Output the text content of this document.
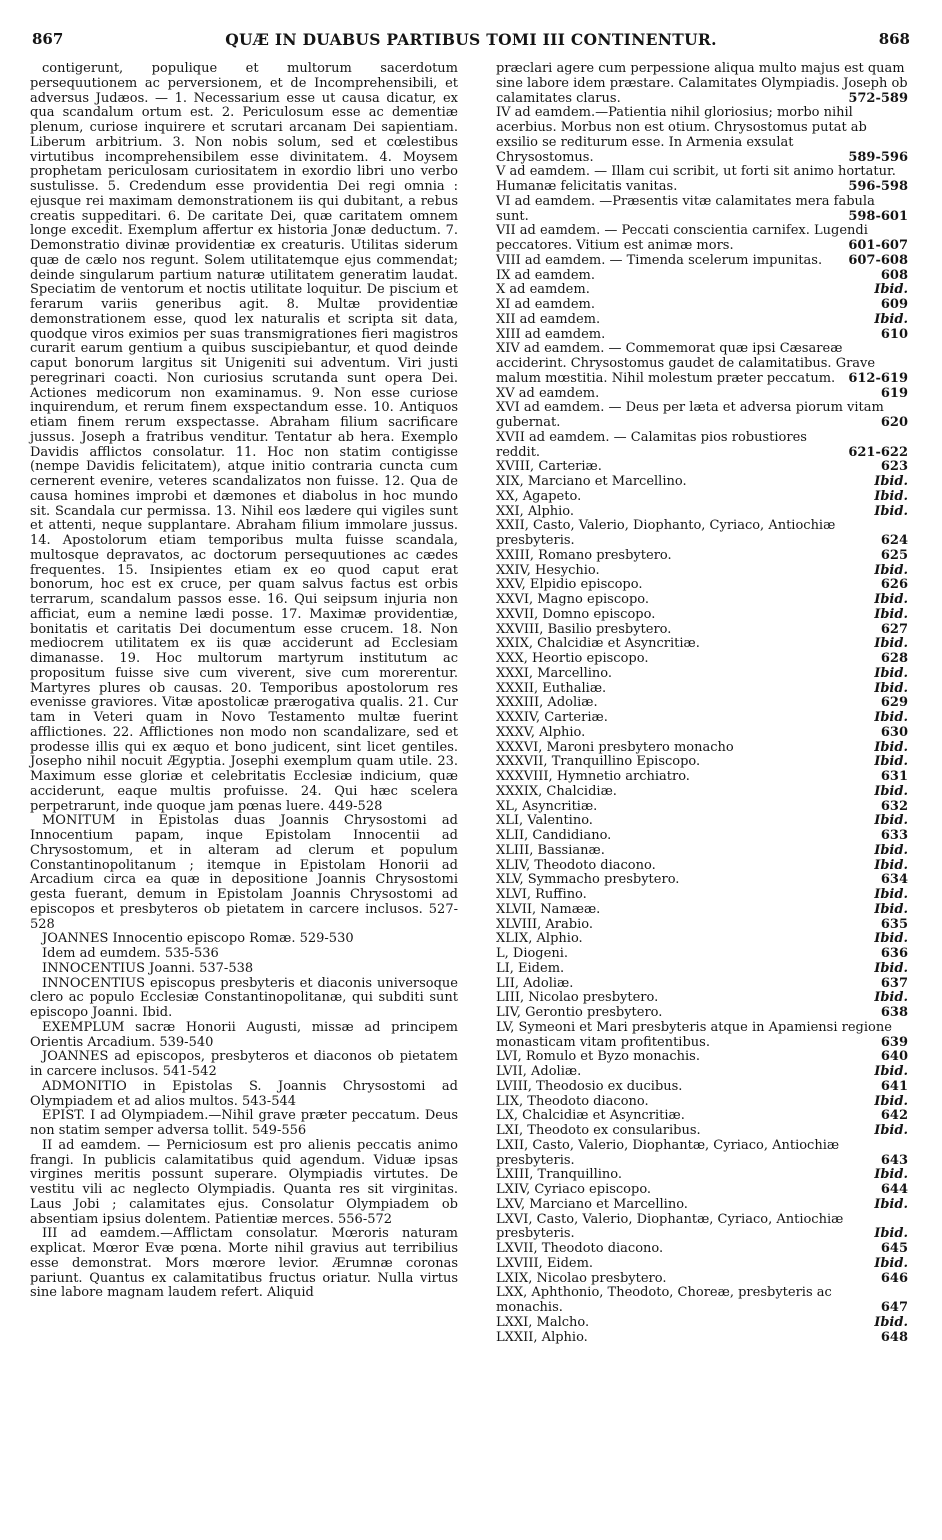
867	QUÆ IN DUABUS PARTIBUS TOMI III CONTINENTUR.	868

contigerunt, populique et multorum sacerdotum persequutionem ac perversionem, et de Incomprehensibili, et adversus Judæos. — 1. Necessarium esse ut causa dicatur, ex qua scandalum ortum est. 2. Periculosum esse ac dementiæ plenum, curiose inquirere et scrutari arcanam Dei sapientiam. Liberum arbitrium. 3. Non nobis solum, sed et cœlestibus virtutibus incomprehensibilem esse divinitatem. 4. Moysem prophetam periculosam curiositatem in exordio libri uno verbo sustulisse. 5. Credendum esse providentia Dei regi omnia : ejusque rei maximam demonstrationem iis qui dubitant, a rebus creatis suppeditari. 6. De caritate Dei, quæ caritatem omnem longe excedit. Exemplum affertur ex historia Jonæ deductum. 7. Demonstratio divinæ providentiæ ex creaturis. Utilitas siderum quæ de cælo nos regunt. Solem utilitatemque ejus commendat; deinde singularum partium naturæ utilitatem generatim laudat. Speciatim de ventorum et noctis utilitate loquitur. De piscium et ferarum variis generibus agit. 8. Multæ providentiæ demonstrationem esse, quod lex naturalis et scripta sit data, quodque viros eximios per suas transmigrationes fieri magistros curarit earum gentium a quibus suscipiebantur, et quod deinde caput bonorum largitus sit Unigeniti sui adventum. Viri justi peregrinari coacti. Non curiosius scrutanda sunt opera Dei. Actiones medicorum non examinamus. 9. Non esse curiose inquirendum, et rerum finem exspectandum esse. 10. Antiquos etiam finem rerum exspectasse. Abraham filium sacrificare jussus. Joseph a fratribus venditur. Tentatur ab hera. Exemplo Davidis afflictos consolatur. 11. Hoc non statim contigisse (nempe Davidis felicitatem), atque initio contraria cuncta cum cernerent evenire, veteres scandalizatos non fuisse. 12. Qua de causa homines improbi et dæmones et diabolus in hoc mundo sit. Scandala cur permissa. 13. Nihil eos lædere qui vigiles sunt et attenti, neque supplantare. Abraham filium immolare jussus. 14. Apostolorum etiam temporibus multa fuisse scandala, multosque depravatos, ac doctorum persequutiones ac cædes frequentes. 15. Insipientes etiam ex eo quod caput erat bonorum, hoc est ex cruce, per quam salvus factus est orbis terrarum, scandalum passos esse. 16. Qui seipsum injuria non afficiat, eum a nemine lædi posse. 17. Maximæ providentiæ, bonitatis et caritatis Dei documentum esse crucem. 18. Non mediocrem utilitatem ex iis quæ acciderunt ad Ecclesiam dimanasse. 19. Hoc multorum martyrum institutum ac propositum fuisse sive cum viverent, sive cum morerentur. Martyres plures ob causas. 20. Temporibus apostolorum res evenisse graviores. Vitæ apostolicæ prærogativa qualis. 21. Cur tam in Veteri quam in Novo Testamento multæ fuerint afflictiones. 22. Afflictiones non modo non scandalizare, sed et prodesse illis qui ex æquo et bono judicent, sint licet gentiles. Josepho nihil nocuit Ægyptia. Josephi exemplum quam utile. 23. Maximum esse gloriæ et celebritatis Ecclesiæ indicium, quæ acciderunt, eaque multis profuisse. 24. Qui hæc scelera perpetrarunt, inde quoque jam pœnas luere. 449-528

MONITUM in Epistolas duas Joannis Chrysostomi ad Innocentium papam, inque Epistolam Innocentii ad Chrysostomum, et in alteram ad clerum et populum Constantinopolitanum ; itemque in Epistolam Honorii ad Arcadium circa ea quæ in depositione Joannis Chrysostomi gesta fuerant, demum in Epistolam Joannis Chrysostomi ad episcopos et presbyteros ob pietatem in carcere inclusos. 527-528

JOANNES Innocentio episcopo Romæ. 529-530

Idem ad eumdem. 535-536

INNOCENTIUS Joanni. 537-538

INNOCENTIUS episcopus presbyteris et diaconis universoque clero ac populo Ecclesiæ Constantinopolitanæ, qui subditi sunt episcopo Joanni. Ibid.

EXEMPLUM sacræ Honorii Augusti, missæ ad principem Orientis Arcadium. 539-540

JOANNES ad episcopos, presbyteros et diaconos ob pietatem in carcere inclusos. 541-542

ADMONITIO in Epistolas S. Joannis Chrysostomi ad Olympiadem et ad alios multos. 543-544

EPIST. I ad Olympiadem.—Nihil grave præter peccatum. Deus non statim semper adversa tollit. 549-556

II ad eamdem. — Perniciosum est pro alienis peccatis animo frangi. In publicis calamitatibus quid agendum. Viduæ ipsas virgines meritis possunt superare. Olympiadis virtutes. De vestitu vili ac neglecto Olympiadis. Quanta res sit virginitas. Laus Jobi ; calamitates ejus. Consolatur Olympiadem ob absentiam ipsius dolentem. Patientiæ merces. 556-572

III ad eamdem.—Afflictam consolatur. Mœroris naturam explicat. Mœror Evæ pœna. Morte nihil gravius aut terribilius esse demonstrat. Mors mœrore levior. Ærumnæ coronas pariunt. Quantus ex calamitatibus fructus oriatur. Nulla virtus sine labore magnam laudem refert. Aliquid

præclari agere cum perpessione aliqua multo majus est quam sine labore idem præstare. Calamitates Olympiadis. Joseph ob calamitates clarus.	572-589
IV ad eamdem.—Patientia nihil gloriosius; morbo nihil acerbius. Morbus non est otium. Chrysostomus putat ab exsilio se rediturum esse. In Armenia exsulat Chrysostomus.	589-596
V ad eamdem. — Illam cui scribit, ut forti sit animo hortatur. Humanæ felicitatis vanitas.	596-598
VI ad eamdem. —Præsentis vitæ calamitates mera fabula sunt.	598-601
VII ad eamdem. — Peccati conscientia carnifex. Lugendi peccatores. Vitium est animæ mors.	601-607
VIII ad eamdem. — Timenda scelerum impunitas. 607-608
IX ad eamdem.	608
X ad eamdem.	Ibid.
XI ad eamdem.	609
XII ad eamdem.	Ibid.
XIII ad eamdem.	610
XIV ad eamdem. — Commemorat quæ ipsi Cæsareæ acciderint. Chrysostomus gaudet de calamitatibus. Grave malum mœstitia. Nihil molestum præter peccatum. 612-619
XV ad eamdem.	619
XVI ad eamdem. — Deus per læta et adversa piorum vitam gubernat.	620
XVII ad eamdem. — Calamitas pios robustiores reddit.	621-622
XVIII, Carteriæ.	623
XIX, Marciano et Marcellino.	Ibid.
XX, Agapeto.	Ibid.
XXI, Alphio.	Ibid.
XXII, Casto, Valerio, Diophanto, Cyriaco, Antiochiæ presbyteris.	624
XXIII, Romano presbytero.	625
XXIV, Hesychio.	Ibid.
XXV, Elpidio episcopo.	626
XXVI, Magno episcopo.	Ibid.
XXVII, Domno episcopo.	Ibid.
XXVIII, Basilio presbytero.	627
XXIX, Chalcidiæ et Asyncritiæ.	Ibid.
XXX, Heortio episcopo.	628
XXXI, Marcellino.	Ibid.
XXXII, Euthaliæ.	Ibid.
XXXIII, Adoliæ.	629
XXXIV, Carteriæ.	Ibid.
XXXV, Alphio.	630
XXXVI, Maroni presbytero monacho	Ibid.
XXXVII, Tranquillino Episcopo.	Ibid.
XXXVIII, Hymnetio archiatro.	631
XXXIX, Chalcidiæ.	Ibid.
XL, Asyncritiæ.	632
XLI, Valentino.	Ibid.
XLII, Candidiano.	633
XLIII, Bassianæ.	Ibid.
XLIV, Theodoto diacono.	Ibid.
XLV, Symmacho presbytero.	634
XLVI, Ruffino.	Ibid.
XLVII, Namææ.	Ibid.
XLVIII, Arabio.	635
XLIX, Alphio.	Ibid.
L, Diogeni.	636
LI, Eidem.	Ibid.
LII, Adoliæ.	637
LIII, Nicolao presbytero.	Ibid.
LIV, Gerontio presbytero.	638
LV, Symeoni et Mari presbyteris atque in Apamiensi regione monasticam vitam profitentibus.	639
LVI, Romulo et Byzo monachis.	640
LVII, Adoliæ.	Ibid.
LVIII, Theodosio ex ducibus.	641
LIX, Theodoto diacono.	Ibid.
LX, Chalcidiæ et Asyncritiæ.	642
LXI, Theodoto ex consularibus.	Ibid.
LXII, Casto, Valerio, Diophantæ, Cyriaco, Antiochiæ presbyteris.	643
LXIII, Tranquillino.	Ibid.
LXIV, Cyriaco episcopo.	644
LXV, Marciano et Marcellino.	Ibid.
LXVI, Casto, Valerio, Diophantæ, Cyriaco, Antiochiæ presbyteris.	Ibid.
LXVII, Theodoto diacono.	645
LXVIII, Eidem.	Ibid.
LXIX, Nicolao presbytero.	646
LXX, Aphthonio, Theodoto, Choreæ, presbyteris ac monachis.	647
LXXI, Malcho.	Ibid.
LXXII, Alphio.	648
